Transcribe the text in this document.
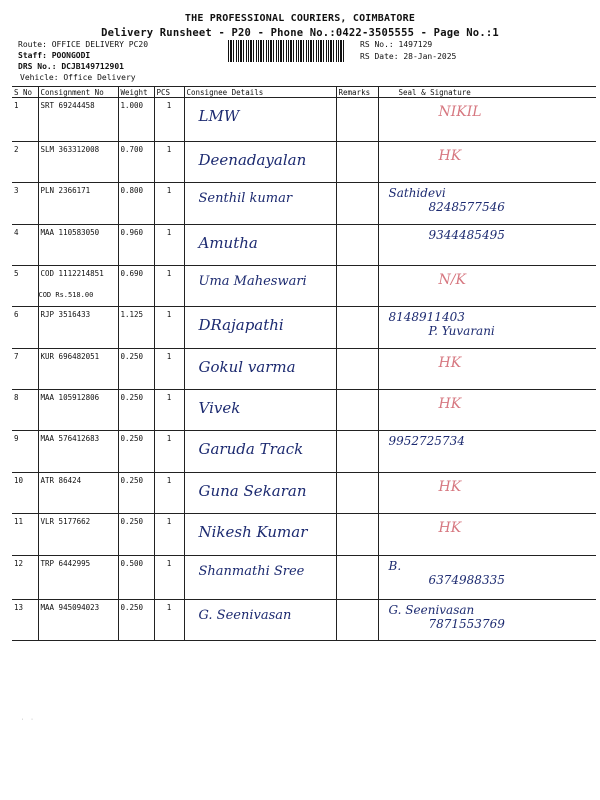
THE PROFESSIONAL COURIERS, COIMBATORE
Delivery Runsheet - P20 - Phone No.:0422-3505555 - Page No.:1
Route: OFFICE DELIVERY PC20
Staff: POONGODI
DRS No.: DCJB149712901
Vehicle: Office Delivery
RS No.: 1497129
RS Date: 28-Jan-2025
S No	Consignment No	Weight	PCS	Consignee Details	Remarks	Seal & Signature
1	SRT 69244458	1.000	1	LMW		NIKIL

2	SLM 363312008	0.700	1	Deenadayalan		HK

3	PLN 2366171	0.800	1	Senthil kumar		Sathidevi
8248577546

4	MAA 110583050	0.960	1	Amutha		9344485495

5	COD 1112214851
COD Rs.518.00	0.690	1	Uma Maheswari		N/K

6	RJP 3516433	1.125	1	DRajapathi		8148911403
P. Yuvarani

7	KUR 696482051	0.250	1	Gokul varma		HK

8	MAA 105912806	0.250	1	Vivek		HK

9	MAA 576412683	0.250	1	Garuda Track		9952725734

10	ATR 86424	0.250	1	Guna Sekaran		HK

11	VLR 5177662	0.250	1	Nikesh Kumar		HK

12	TRP 6442995	0.500	1	Shanmathi Sree		B.
6374988335

13	MAA 945094023	0.250	1	G. Seenivasan		G. Seenivasan
7871553769
˙ ˙
